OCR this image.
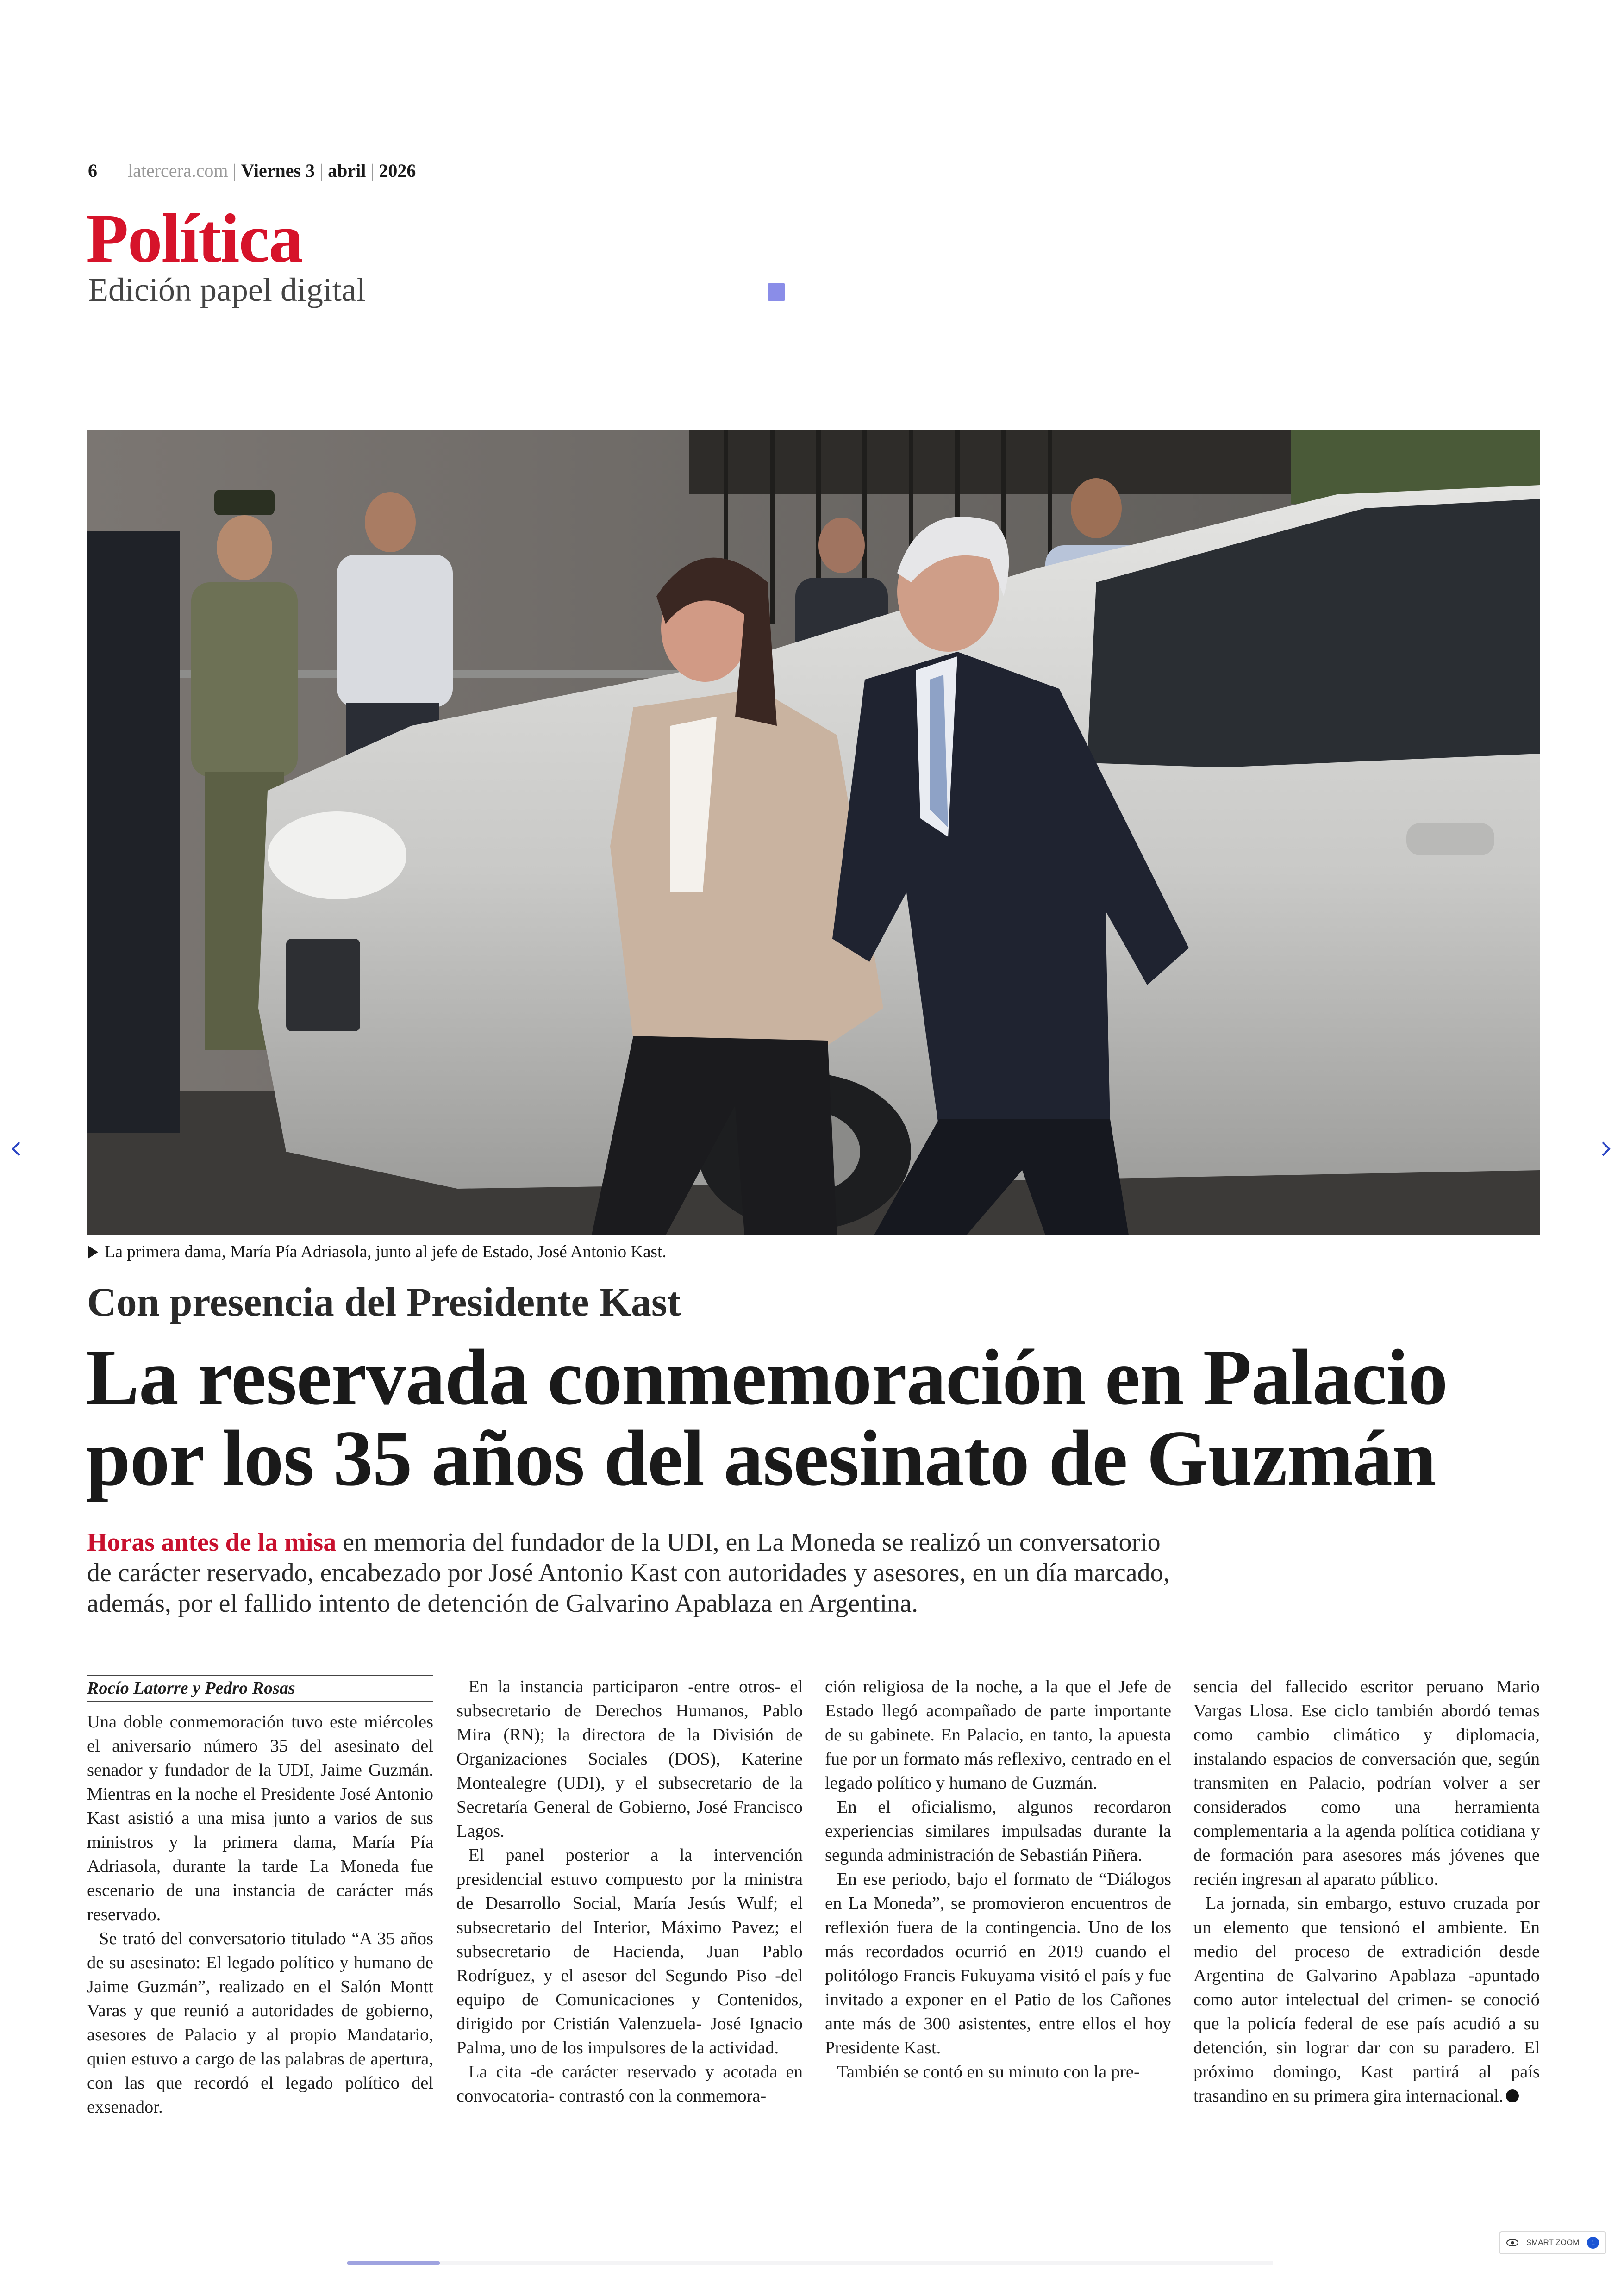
6 latercera.com | Viernes 3 | abril | 2026
Política
Edición papel digital
La primera dama, María Pía Adriasola, junto al jefe de Estado, José Antonio Kast.
Con presencia del Presidente Kast
La reservada conmemoración en Palacio
por los 35 años del asesinato de Guzmán
Horas antes de la misa en memoria del fundador de la UDI, en La Moneda se realizó un conversatorio
de carácter reservado, encabezado por José Antonio Kast con autoridades y asesores, en un día marcado,
además, por el fallido intento de detención de Galvarino Apablaza en Argentina.
Rocío Latorre y Pedro Rosas

Una doble conmemoración tuvo este miércoles el aniversario número 35 del asesinato del senador y fundador de la UDI, Jaime Guzmán. Mientras en la noche el Presidente José Antonio Kast asistió a una misa junto a varios de sus ministros y la primera dama, María Pía Adriasola, durante la tarde La Moneda fue escenario de una instancia de carácter más reservado.

Se trató del conversatorio titulado “A 35 años de su asesinato: El legado político y humano de Jaime Guzmán”, realizado en el Salón Montt Varas y que reunió a autoridades de gobierno, asesores de Palacio y al propio Mandatario, quien estuvo a cargo de las palabras de apertura, con las que recordó el legado político del exsenador.

En la instancia participaron -entre otros- el subsecretario de Derechos Humanos, Pablo Mira (RN); la directora de la División de Organizaciones Sociales (DOS), Katerine Montealegre (UDI), y el subsecretario de la Secretaría General de Gobierno, José Francisco Lagos.

El panel posterior a la intervención presidencial estuvo compuesto por la ministra de Desarrollo Social, María Jesús Wulf; el subsecretario del Interior, Máximo Pavez; el subsecretario de Hacienda, Juan Pablo Rodríguez, y el asesor del Segundo Piso -del equipo de Comunicaciones y Contenidos, dirigido por Cristián Valenzuela- José Ignacio Palma, uno de los impulsores de la actividad.

La cita -de carácter reservado y acotada en convocatoria- contrastó con la conmemora-

ción religiosa de la noche, a la que el Jefe de Estado llegó acompañado de parte importante de su gabinete. En Palacio, en tanto, la apuesta fue por un formato más reflexivo, centrado en el legado político y humano de Guzmán.

En el oficialismo, algunos recordaron experiencias similares impulsadas durante la segunda administración de Sebastián Piñera.

En ese periodo, bajo el formato de “Diálogos en La Moneda”, se promovieron encuentros de reflexión fuera de la contingencia. Uno de los más recordados ocurrió en 2019 cuando el politólogo Francis Fukuyama visitó el país y fue invitado a exponer en el Patio de los Cañones ante más de 300 asistentes, entre ellos el hoy Presidente Kast.

También se contó en su minuto con la pre-

sencia del fallecido escritor peruano Mario Vargas Llosa. Ese ciclo también abordó temas como cambio climático y diplomacia, instalando espacios de conversación que, según transmiten en Palacio, podrían volver a ser considerados como una herramienta complementaria a la agenda política cotidiana y de formación para asesores más jóvenes que recién ingresan al aparato público.

La jornada, sin embargo, estuvo cruzada por un elemento que tensionó el ambiente. En medio del proceso de extradición desde Argentina de Galvarino Apablaza -apuntado como autor intelectual del crimen- se conoció que la policía federal de ese país acudió a su detención, sin lograr dar con su paradero. El próximo domingo, Kast partirá al país trasandino en su primera gira internacional.

SMART ZOOM	1
